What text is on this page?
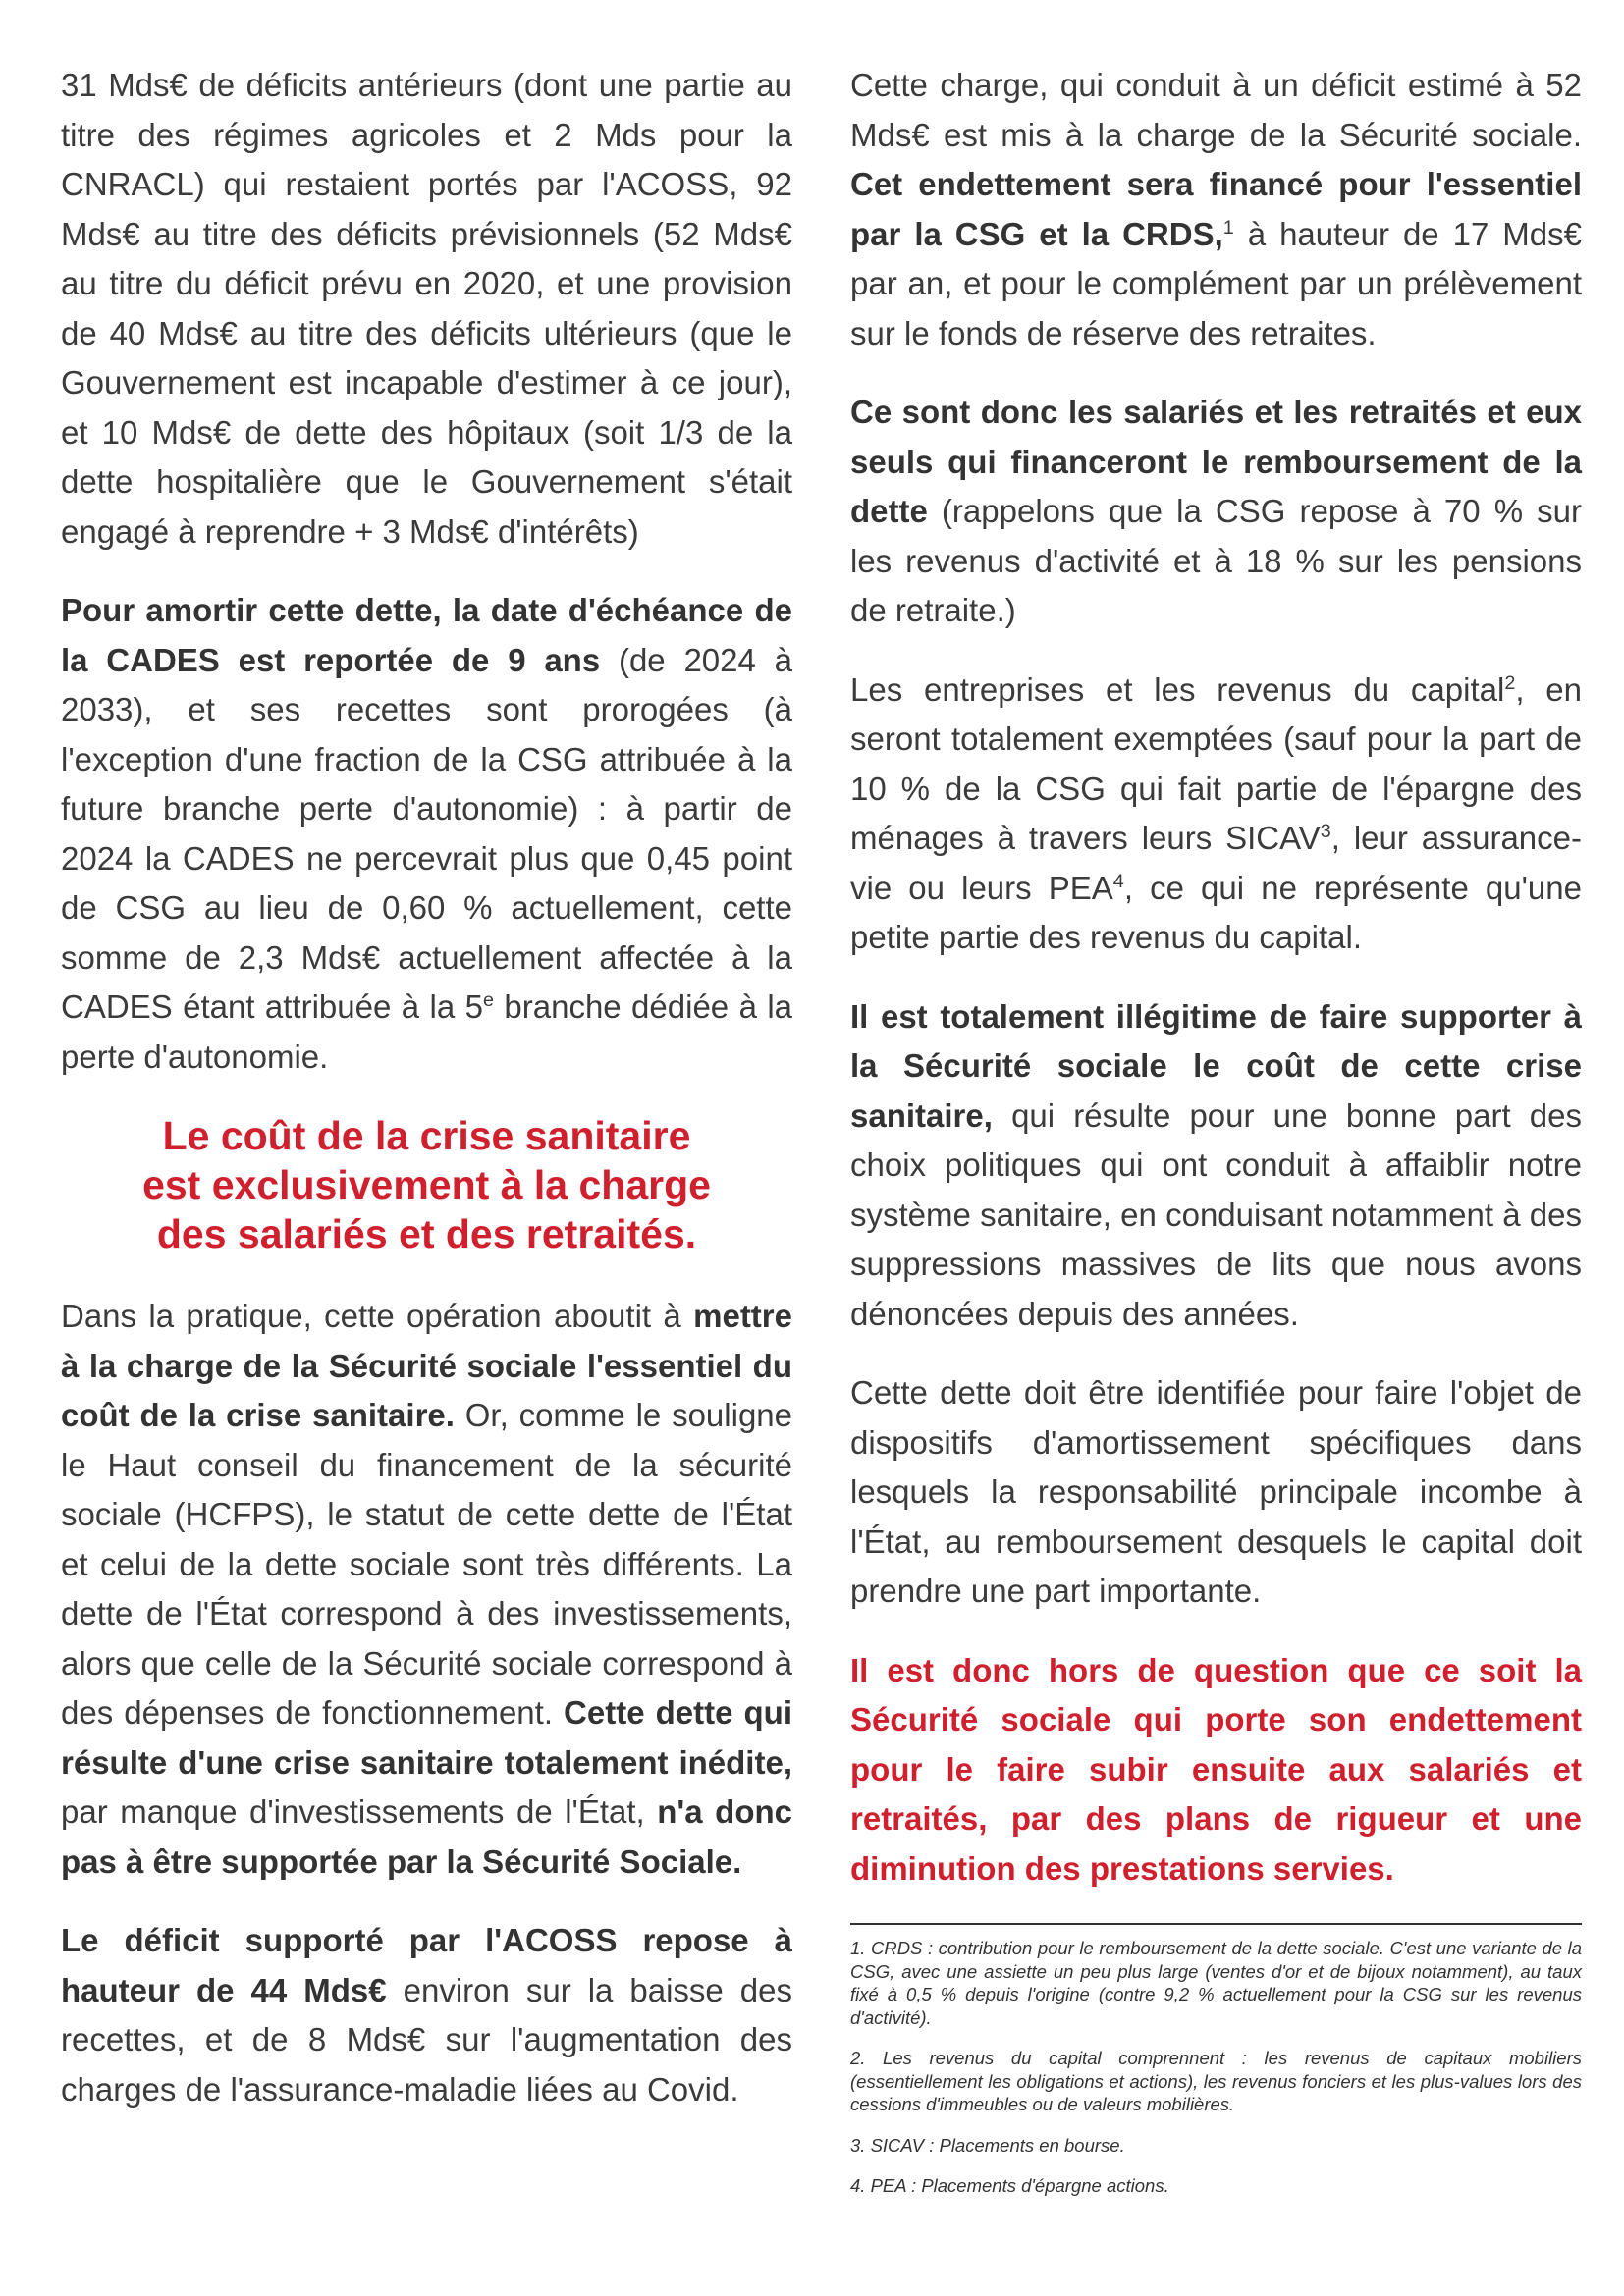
31 Mds€ de déficits antérieurs (dont une partie au titre des régimes agricoles et 2 Mds pour la CNRACL) qui restaient portés par l'ACOSS, 92 Mds€ au titre des déficits prévisionnels (52 Mds€ au titre du déficit prévu en 2020, et une provision de 40 Mds€ au titre des déficits ultérieurs (que le Gouvernement est incapable d'estimer à ce jour), et 10 Mds€ de dette des hôpitaux (soit 1/3 de la dette hospitalière que le Gouvernement s'était engagé à reprendre + 3 Mds€ d'intérêts)

Pour amortir cette dette, la date d'échéance de la CADES est reportée de 9 ans (de 2024 à 2033), et ses recettes sont prorogées (à l'exception d'une fraction de la CSG attribuée à la future branche perte d'autonomie) : à partir de 2024 la CADES ne percevrait plus que 0,45 point de CSG au lieu de 0,60 % actuellement, cette somme de 2,3 Mds€ actuellement affectée à la CADES étant attribuée à la 5e branche dédiée à la perte d'autonomie.

Le coût de la crise sanitaire
est exclusivement à la charge
des salariés et des retraités.

Dans la pratique, cette opération aboutit à mettre à la charge de la Sécurité sociale l'essentiel du coût de la crise sanitaire. Or, comme le souligne le Haut conseil du financement de la sécurité sociale (HCFPS), le statut de cette dette de l'État et celui de la dette sociale sont très différents. La dette de l'État correspond à des investissements, alors que celle de la Sécurité sociale correspond à des dépenses de fonctionnement. Cette dette qui résulte d'une crise sanitaire totalement inédite, par manque d'investissements de l'État, n'a donc pas à être supportée par la Sécurité Sociale.

Le déficit supporté par l'ACOSS repose à hauteur de 44 Mds€ environ sur la baisse des recettes, et de 8 Mds€ sur l'augmentation des charges de l'assurance-maladie liées au Covid.

Cette charge, qui conduit à un déficit estimé à 52 Mds€ est mis à la charge de la Sécurité sociale. Cet endettement sera financé pour l'essentiel par la CSG et la CRDS,$^1$ à hauteur de 17 Mds€ par an, et pour le complément par un prélèvement sur le fonds de réserve des retraites.

Ce sont donc les salariés et les retraités et eux seuls qui financeront le remboursement de la dette (rappelons que la CSG repose à 70 % sur les revenus d'activité et à 18 % sur les pensions de retraite.)

Les entreprises et les revenus du capital$^2$, en seront totalement exemptées (sauf pour la part de 10 % de la CSG qui fait partie de l'épargne des ménages à travers leurs SICAV$^3$, leur assurance-vie ou leurs PEA$^4$, ce qui ne représente qu'une petite partie des revenus du capital.

Il est totalement illégitime de faire supporter à la Sécurité sociale le coût de cette crise sanitaire, qui résulte pour une bonne part des choix politiques qui ont conduit à affaiblir notre système sanitaire, en conduisant notamment à des suppressions massives de lits que nous avons dénoncées depuis des années.

Cette dette doit être identifiée pour faire l'objet de dispositifs d'amortissement spécifiques dans lesquels la responsabilité principale incombe à l'État, au remboursement desquels le capital doit prendre une part importante.

Il est donc hors de question que ce soit la Sécurité sociale qui porte son endettement pour le faire subir ensuite aux salariés et retraités, par des plans de rigueur et une diminution des prestations servies.

1. CRDS : contribution pour le remboursement de la dette sociale. C'est une variante de la CSG, avec une assiette un peu plus large (ventes d'or et de bijoux notamment), au taux fixé à 0,5 % depuis l'origine (contre 9,2 % actuellement pour la CSG sur les revenus d'activité).

2. Les revenus du capital comprennent : les revenus de capitaux mobiliers (essentiellement les obligations et actions), les revenus fonciers et les plus-values lors des cessions d'immeubles ou de valeurs mobilières.

3. SICAV : Placements en bourse.

4. PEA : Placements d'épargne actions.
